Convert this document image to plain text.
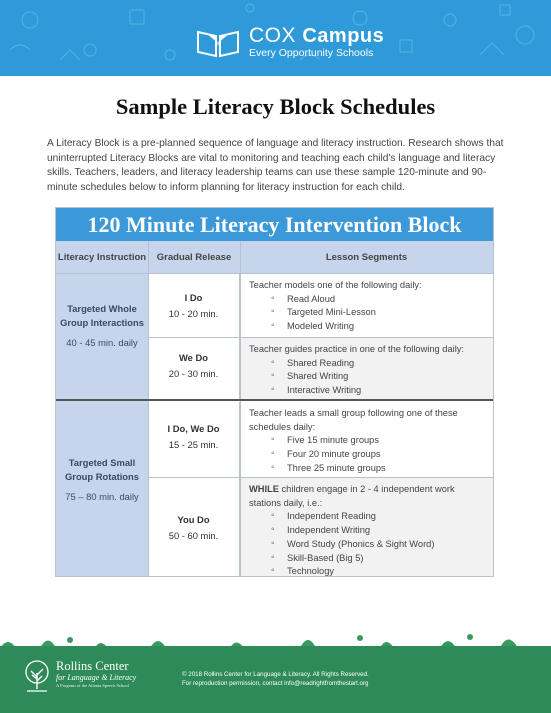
COX Campus
Every Opportunity Schools
Sample Literacy Block Schedules
A Literacy Block is a pre-planned sequence of language and literacy instruction. Research shows that uninterrupted Literacy Blocks are vital to monitoring and teaching each child's language and literacy skills. Teachers, leaders, and literacy leadership teams can use these sample 120-minute and 90-minute schedules below to inform planning for literacy instruction for each child.
120 Minute Literacy Intervention Block
Literacy Instruction	Gradual Release	Lesson Segments
Targeted Whole Group Interactions
40 - 45 min. daily
Targeted Small Group Rotations
75 – 80 min. daily
I Do
10 - 20 min.
Teacher models one of the following daily:
◦ Read Aloud
◦ Targeted Mini-Lesson
◦ Modeled Writing
We Do
20 - 30 min.
Teacher guides practice in one of the following daily:
◦ Shared Reading
◦ Shared Writing
◦ Interactive Writing
I Do, We Do
15 - 25 min.
Teacher leads a small group following one of these schedules daily:
◦ Five 15 minute groups
◦ Four 20 minute groups
◦ Three 25 minute groups
You Do
50 - 60 min.
WHILE children engage in 2 - 4 independent work stations daily, i.e.:
◦ Independent Reading
◦ Independent Writing
◦ Word Study (Phonics & Sight Word)
◦ Skill-Based (Big 5)
◦ Technology
Rollins Center
for Language & Literacy
A Program of the Atlanta Speech School
© 2018 Rollins Center for Language & Literacy. All Rights Reserved.
For reproduction permission, contact info@readrightfromthestart.org
